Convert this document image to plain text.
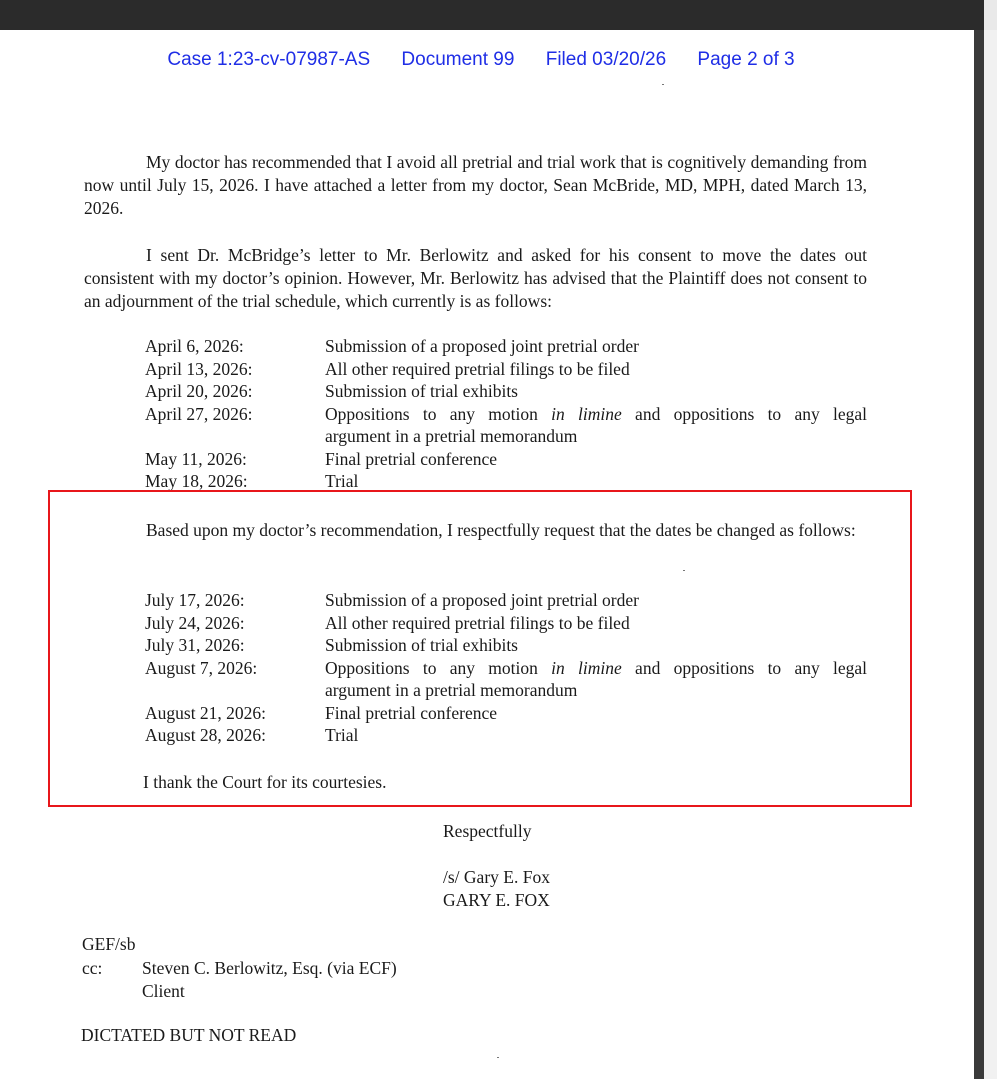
Case 1:23-cv-07987-AS Document 99 Filed 03/20/26 Page 2 of 3
My doctor has recommended that I avoid all pretrial and trial work that is cognitively demanding from now until July 15, 2026. I have attached a letter from my doctor, Sean McBride, MD, MPH, dated March 13, 2026.
I sent Dr. McBridge’s letter to Mr. Berlowitz and asked for his consent to move the dates out consistent with my doctor’s opinion. However, Mr. Berlowitz has advised that the Plaintiff does not consent to an adjournment of the trial schedule, which currently is as follows:
April 6, 2026:	Submission of a proposed joint pretrial order
April 13, 2026:	All other required pretrial filings to be filed
April 20, 2026:	Submission of trial exhibits
April 27, 2026:	Oppositions to any motion in limine and oppositions to any legal
argument in a pretrial memorandum
May 11, 2026:	Final pretrial conference
May 18, 2026:	Trial
Based upon my doctor’s recommendation, I respectfully request that the dates be changed as follows:
July 17, 2026:	Submission of a proposed joint pretrial order
July 24, 2026:	All other required pretrial filings to be filed
July 31, 2026:	Submission of trial exhibits
August 7, 2026:	Oppositions to any motion in limine and oppositions to any legal
argument in a pretrial memorandum
August 21, 2026:	Final pretrial conference
August 28, 2026:	Trial
I thank the Court for its courtesies.
Respectfully
/s/ Gary E. Fox
GARY E. FOX
GEF/sb
cc:	Steven C. Berlowitz, Esq. (via ECF)
Client
DICTATED BUT NOT READ
